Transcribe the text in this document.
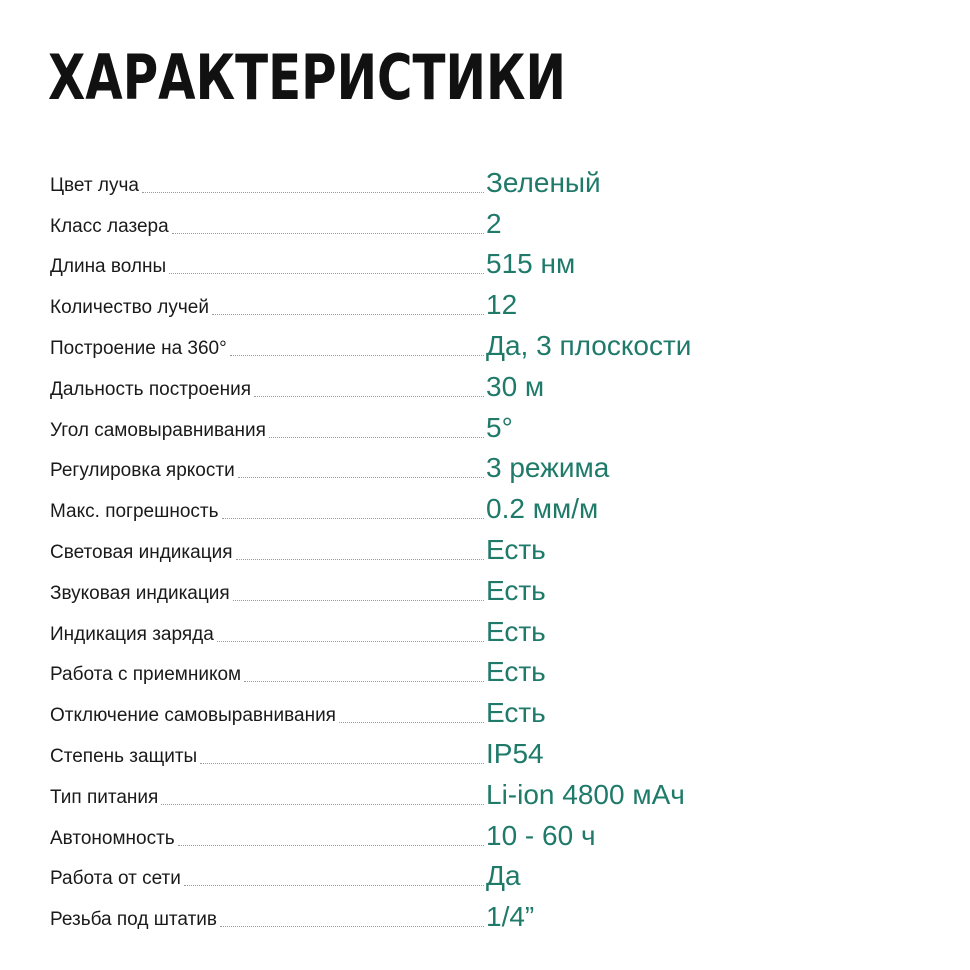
ХАРАКТЕРИСТИКИ
Цвет луча	Зеленый
Класс лазера	2
Длина волны	515 нм
Количество лучей	12
Построение на 360°	Да, 3 плоскости
Дальность построения	30 м
Угол самовыравнивания	5°
Регулировка яркости	3 режима
Макс. погрешность	0.2 мм/м
Световая индикация	Есть
Звуковая индикация	Есть
Индикация заряда	Есть
Работа с приемником	Есть
Отключение самовыравнивания	Есть
Степень защиты	IP54
Тип питания	Li-ion 4800 мАч
Автономность	10 - 60 ч
Работа от сети	Да
Резьба под штатив	1/4”
